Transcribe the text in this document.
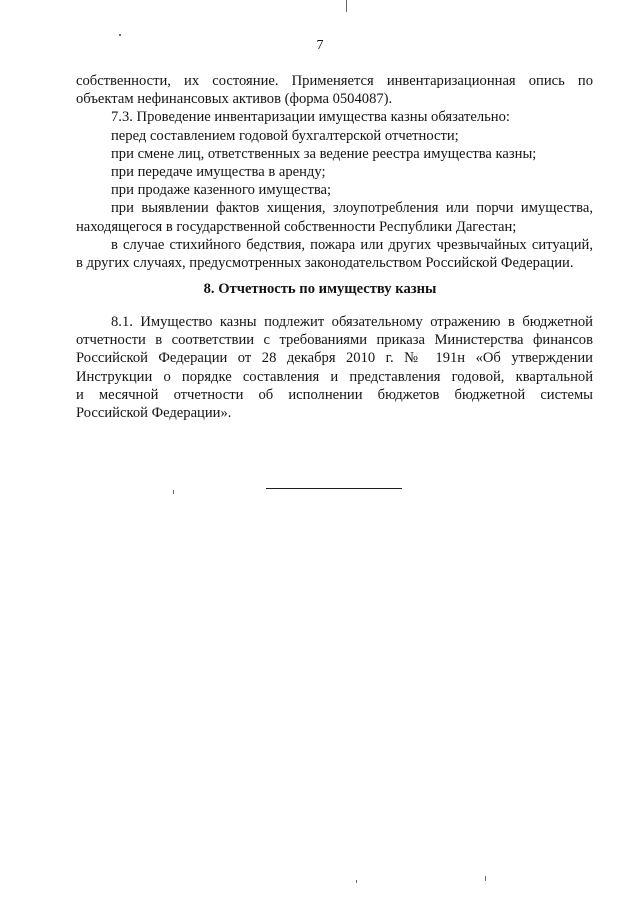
7
собственности, их состояние. Применяется инвентаризационная опись по
объектам нефинансовых активов (форма 0504087).
7.3. Проведение инвентаризации имущества казны обязательно:
перед составлением годовой бухгалтерской отчетности;
при смене лиц, ответственных за ведение реестра имущества казны;
при передаче имущества в аренду;
при продаже казенного имущества;
при выявлении фактов хищения, злоупотребления или порчи имущества,
находящегося в государственной собственности Республики Дагестан;
в случае стихийного бедствия, пожара или других чрезвычайных ситуаций,
в других случаях, предусмотренных законодательством Российской Федерации.
8. Отчетность по имуществу казны
8.1. Имущество казны подлежит обязательному отражению в бюджетной
отчетности в соответствии с требованиями приказа Министерства финансов
Российской Федерации от 28 декабря 2010 г. № 191н «Об утверждении
Инструкции о порядке составления и представления годовой, квартальной
и месячной отчетности об исполнении бюджетов бюджетной системы
Российской Федерации».
